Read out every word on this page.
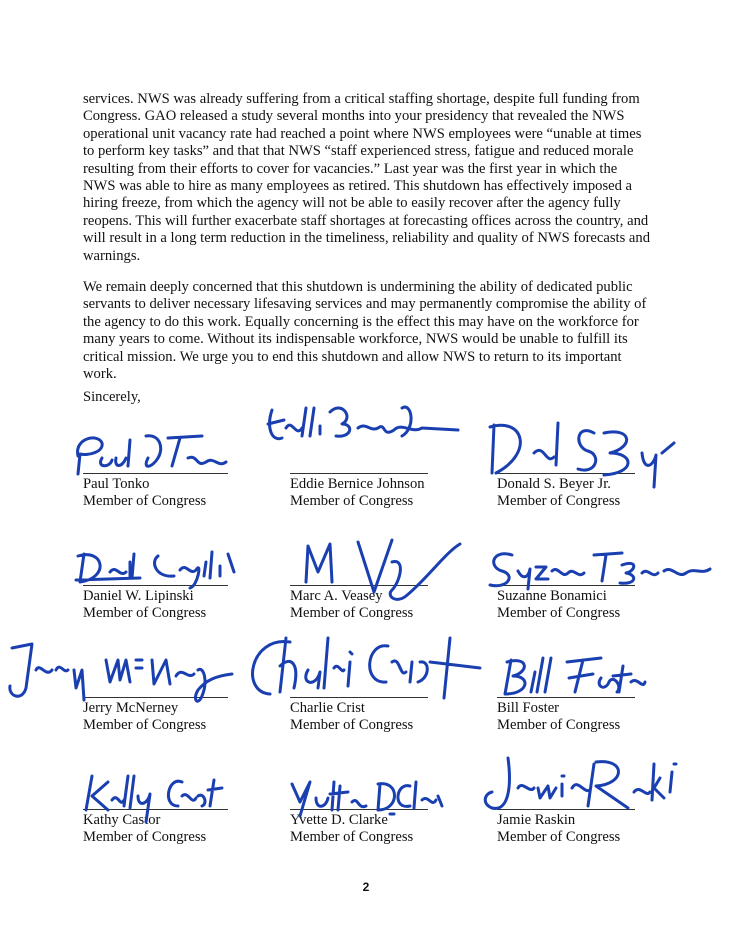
services. NWS was already suffering from a critical staffing shortage, despite full funding from Congress. GAO released a study several months into your presidency that revealed the NWS operational unit vacancy rate had reached a point where NWS employees were “unable at times to perform key tasks” and that that NWS “staff experienced stress, fatigue and reduced morale resulting from their efforts to cover for vacancies.” Last year was the first year in which the NWS was able to hire as many employees as retired. This shutdown has effectively imposed a hiring freeze, from which the agency will not be able to easily recover after the agency fully reopens. This will further exacerbate staff shortages at forecasting offices across the country, and will result in a long term reduction in the timeliness, reliability and quality of NWS forecasts and warnings.

We remain deeply concerned that this shutdown is undermining the ability of dedicated public servants to deliver necessary lifesaving services and may permanently compromise the ability of the agency to do this work. Equally concerning is the effect this may have on the workforce for many years to come. Without its indispensable workforce, NWS would be unable to fulfill its critical mission. We urge you to end this shutdown and allow NWS to return to its important work.

Sincerely,
Paul Tonko
Member of Congress
Eddie Bernice Johnson
Member of Congress
Donald S. Beyer Jr.
Member of Congress
Daniel W. Lipinski
Member of Congress
Marc A. Veasey
Member of Congress
Suzanne Bonamici
Member of Congress
Jerry McNerney
Member of Congress
Charlie Crist
Member of Congress
Bill Foster
Member of Congress
Kathy Castor
Member of Congress
Yvette D. Clarke
Member of Congress
Jamie Raskin
Member of Congress
2
